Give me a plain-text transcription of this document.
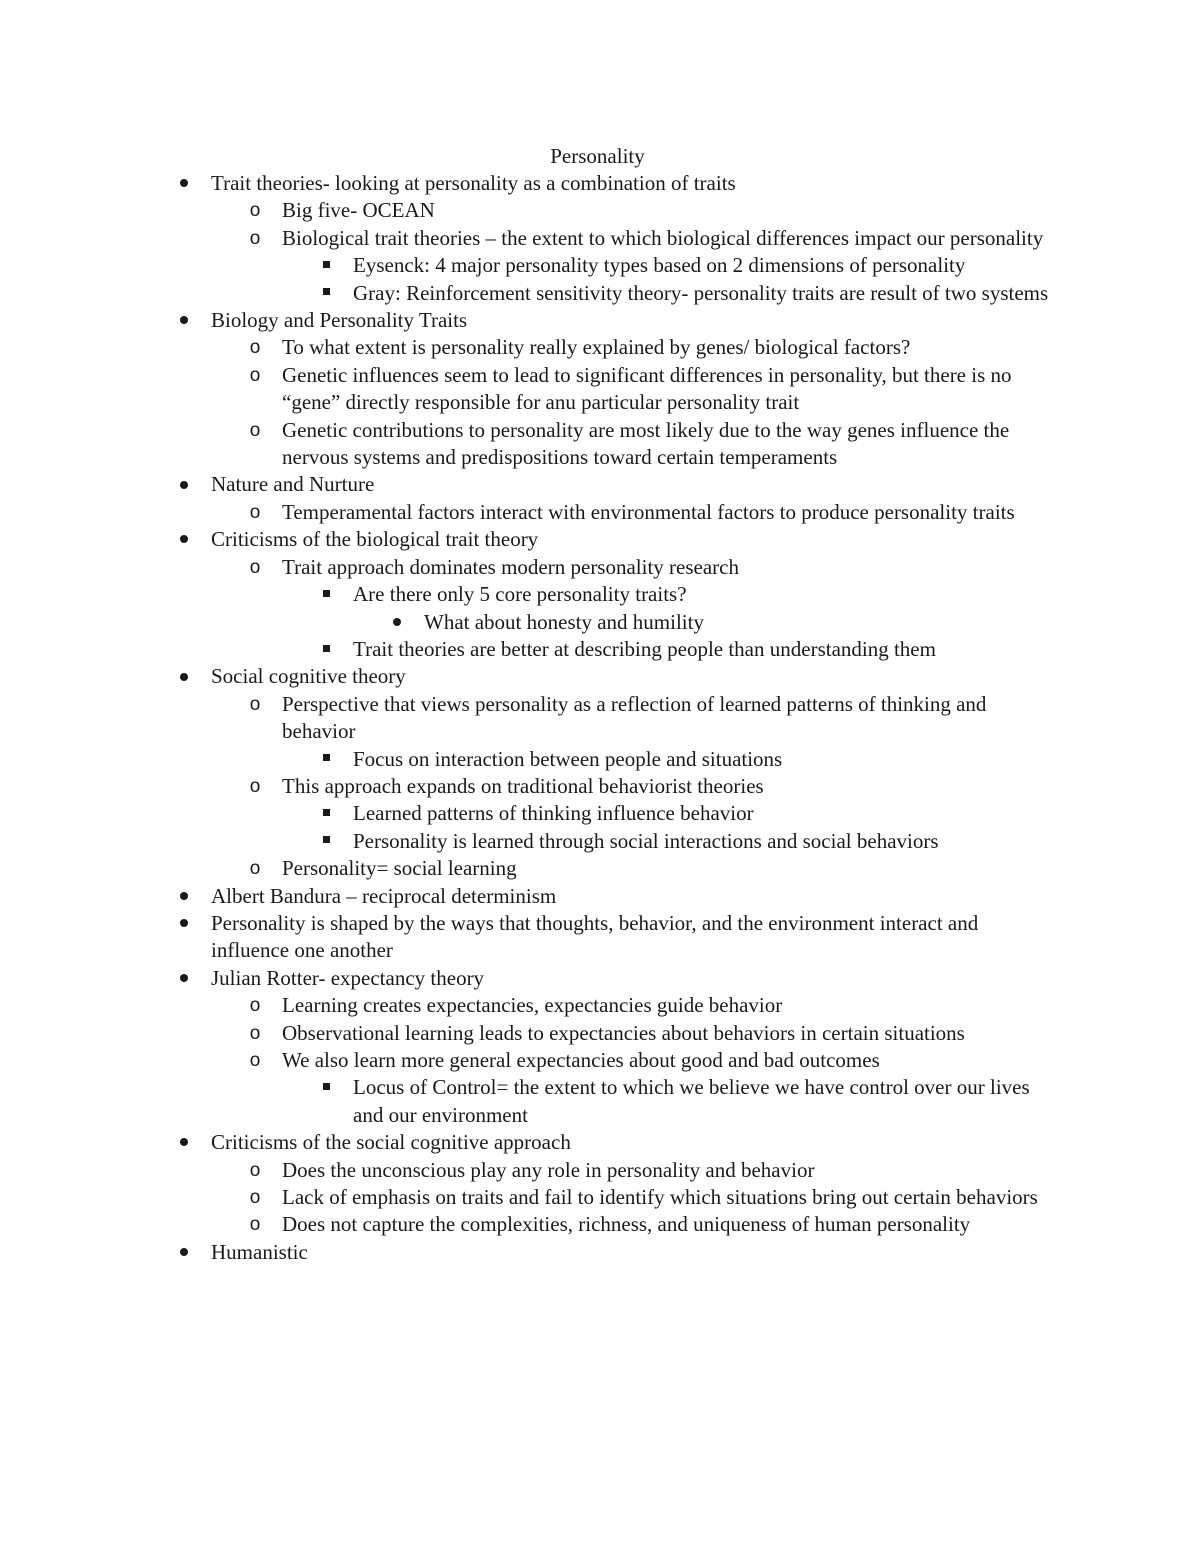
Personality
Trait theories- looking at personality as a combination of traits
o Big five- OCEAN
o Biological trait theories – the extent to which biological differences impact our personality
Eysenck: 4 major personality types based on 2 dimensions of personality
Gray: Reinforcement sensitivity theory- personality traits are result of two systems
Biology and Personality Traits
o To what extent is personality really explained by genes/ biological factors?
o Genetic influences seem to lead to significant differences in personality, but there is no “gene” directly responsible for anu particular personality trait
o Genetic contributions to personality are most likely due to the way genes influence the nervous systems and predispositions toward certain temperaments
Nature and Nurture
o Temperamental factors interact with environmental factors to produce personality traits
Criticisms of the biological trait theory
o Trait approach dominates modern personality research
Are there only 5 core personality traits?
What about honesty and humility
Trait theories are better at describing people than understanding them
Social cognitive theory
o Perspective that views personality as a reflection of learned patterns of thinking and behavior
Focus on interaction between people and situations
o This approach expands on traditional behaviorist theories
Learned patterns of thinking influence behavior
Personality is learned through social interactions and social behaviors
o Personality= social learning
Albert Bandura – reciprocal determinism
Personality is shaped by the ways that thoughts, behavior, and the environment interact and influence one another
Julian Rotter- expectancy theory
o Learning creates expectancies, expectancies guide behavior
o Observational learning leads to expectancies about behaviors in certain situations
o We also learn more general expectancies about good and bad outcomes
Locus of Control= the extent to which we believe we have control over our lives and our environment
Criticisms of the social cognitive approach
o Does the unconscious play any role in personality and behavior
o Lack of emphasis on traits and fail to identify which situations bring out certain behaviors
o Does not capture the complexities, richness, and uniqueness of human personality
Humanistic
